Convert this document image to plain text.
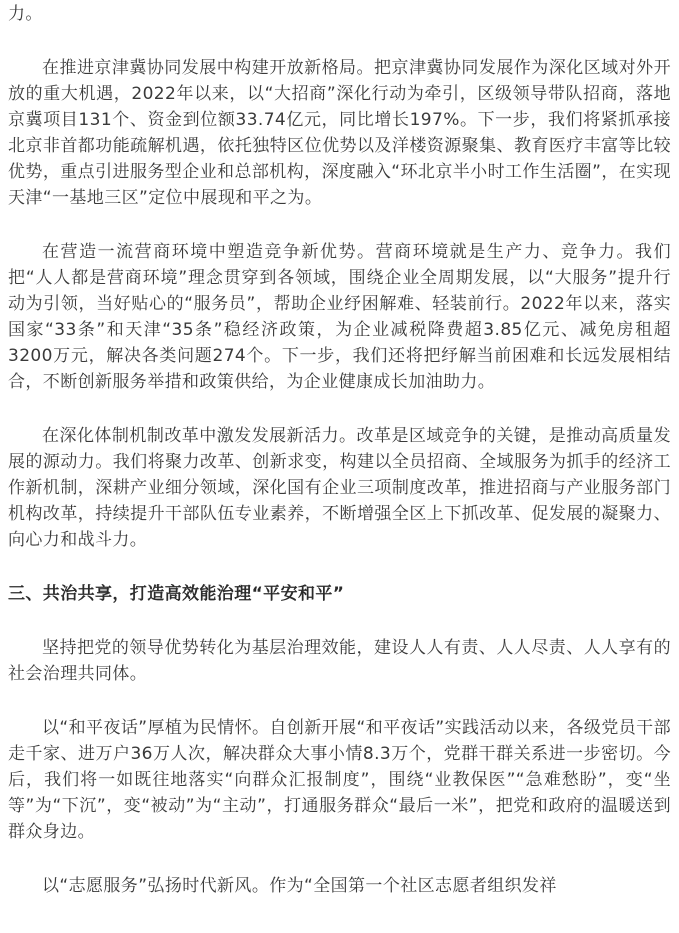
力。

在推进京津冀协同发展中构建开放新格局。把京津冀协同发展作为深化区域对外开放的重大机遇，2022年以来，以“大招商”深化行动为牵引，区级领导带队招商，落地京冀项目131个、资金到位额33.74亿元，同比增长197%。下一步，我们将紧抓承接北京非首都功能疏解机遇，依托独特区位优势以及洋楼资源聚集、教育医疗丰富等比较优势，重点引进服务型企业和总部机构，深度融入“环北京半小时工作生活圈”，在实现天津“一基地三区”定位中展现和平之为。

在营造一流营商环境中塑造竞争新优势。营商环境就是生产力、竞争力。我们把“人人都是营商环境”理念贯穿到各领域，围绕企业全周期发展，以“大服务”提升行动为引领，当好贴心的“服务员”，帮助企业纾困解难、轻装前行。2022年以来，落实国家“33条”和天津“35条”稳经济政策，为企业减税降费超3.85亿元、减免房租超3200万元，解决各类问题274个。下一步，我们还将把纾解当前困难和长远发展相结合，不断创新服务举措和政策供给，为企业健康成长加油助力。

在深化体制机制改革中激发发展新活力。改革是区域竞争的关键，是推动高质量发展的源动力。我们将聚力改革、创新求变，构建以全员招商、全域服务为抓手的经济工作新机制，深耕产业细分领域，深化国有企业三项制度改革，推进招商与产业服务部门机构改革，持续提升干部队伍专业素养，不断增强全区上下抓改革、促发展的凝聚力、向心力和战斗力。

三、共治共享，打造高效能治理“平安和平”

坚持把党的领导优势转化为基层治理效能，建设人人有责、人人尽责、人人享有的社会治理共同体。

以“和平夜话”厚植为民情怀。自创新开展“和平夜话”实践活动以来，各级党员干部走千家、进万户36万人次，解决群众大事小情8.3万个，党群干群关系进一步密切。今后，我们将一如既往地落实“向群众汇报制度”，围绕“业教保医”“急难愁盼”，变“坐等”为“下沉”，变“被动”为“主动”，打通服务群众“最后一米”，把党和政府的温暖送到群众身边。

以“志愿服务”弘扬时代新风。作为“全国第一个社区志愿者组织发祥
